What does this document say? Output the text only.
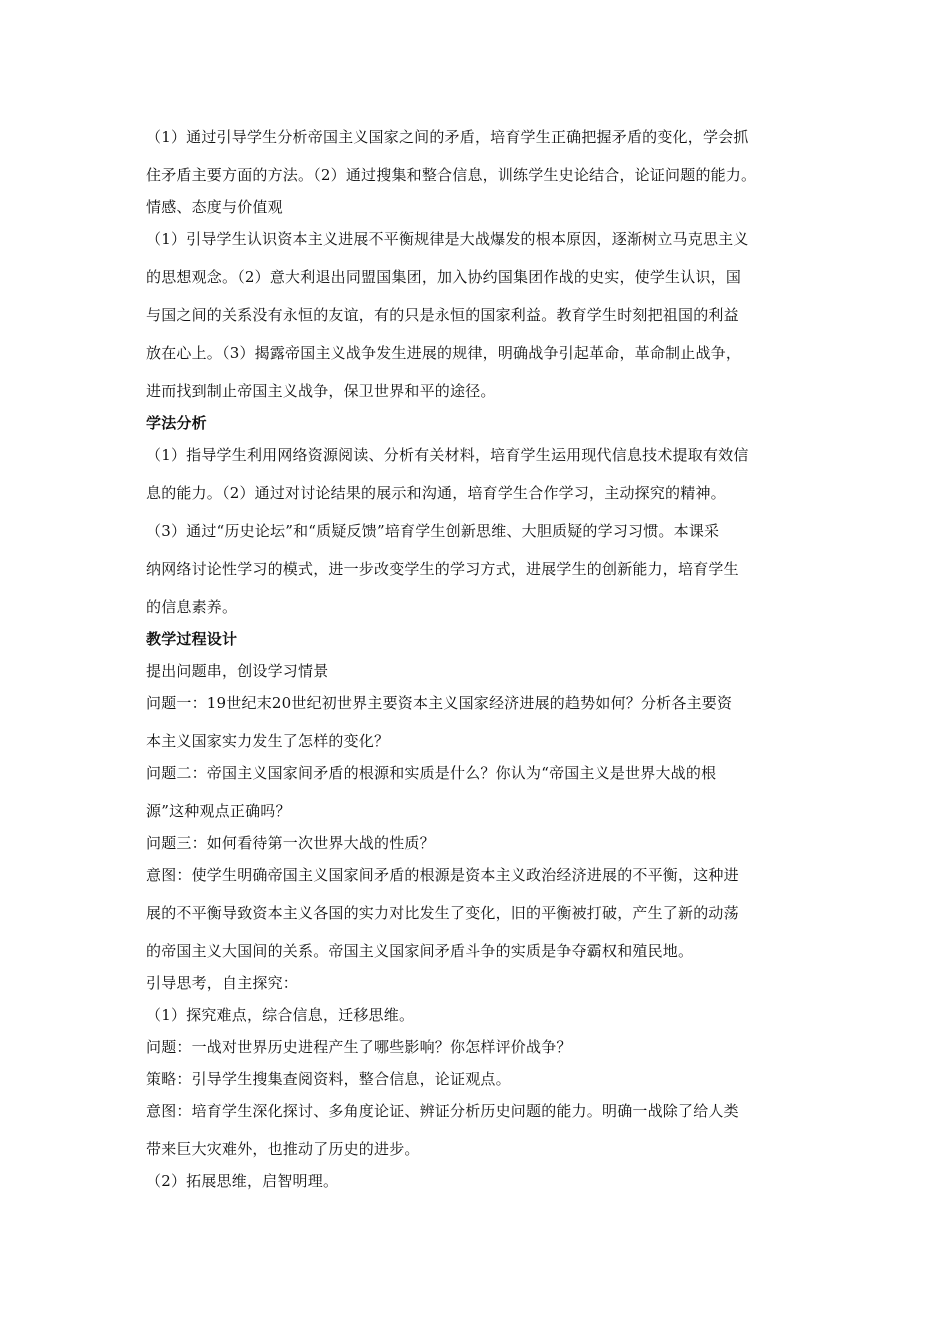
（1）通过引导学生分析帝国主义国家之间的矛盾，培育学生正确把握矛盾的变化，学会抓

住矛盾主要方面的方法。（2）通过搜集和整合信息，训练学生史论结合，论证问题的能力。

情感、态度与价值观

（1）引导学生认识资本主义进展不平衡规律是大战爆发的根本原因，逐渐树立马克思主义

的思想观念。（2）意大利退出同盟国集团，加入协约国集团作战的史实，使学生认识，国

与国之间的关系没有永恒的友谊，有的只是永恒的国家利益。教育学生时刻把祖国的利益

放在心上。（3）揭露帝国主义战争发生进展的规律，明确战争引起革命，革命制止战争，

进而找到制止帝国主义战争，保卫世界和平的途径。

学法分析

（1）指导学生利用网络资源阅读、分析有关材料，培育学生运用现代信息技术提取有效信

息的能力。（2）通过对讨论结果的展示和沟通，培育学生合作学习，主动探究的精神。

（3）通过“历史论坛”和“质疑反馈”培育学生创新思维、大胆质疑的学习习惯。本课采

纳网络讨论性学习的模式，进一步改变学生的学习方式，进展学生的创新能力，培育学生

的信息素养。

教学过程设计

提出问题串，创设学习情景

问题一：19世纪末20世纪初世界主要资本主义国家经济进展的趋势如何？分析各主要资

本主义国家实力发生了怎样的变化？

问题二：帝国主义国家间矛盾的根源和实质是什么？你认为“帝国主义是世界大战的根

源”这种观点正确吗？

问题三：如何看待第一次世界大战的性质？

意图：使学生明确帝国主义国家间矛盾的根源是资本主义政治经济进展的不平衡，这种进

展的不平衡导致资本主义各国的实力对比发生了变化，旧的平衡被打破，产生了新的动荡

的帝国主义大国间的关系。帝国主义国家间矛盾斗争的实质是争夺霸权和殖民地。

引导思考，自主探究：

（1）探究难点，综合信息，迁移思维。

问题：一战对世界历史进程产生了哪些影响？你怎样评价战争？

策略：引导学生搜集查阅资料，整合信息，论证观点。

意图：培育学生深化探讨、多角度论证、辨证分析历史问题的能力。明确一战除了给人类

带来巨大灾难外，也推动了历史的进步。

（2）拓展思维，启智明理。
